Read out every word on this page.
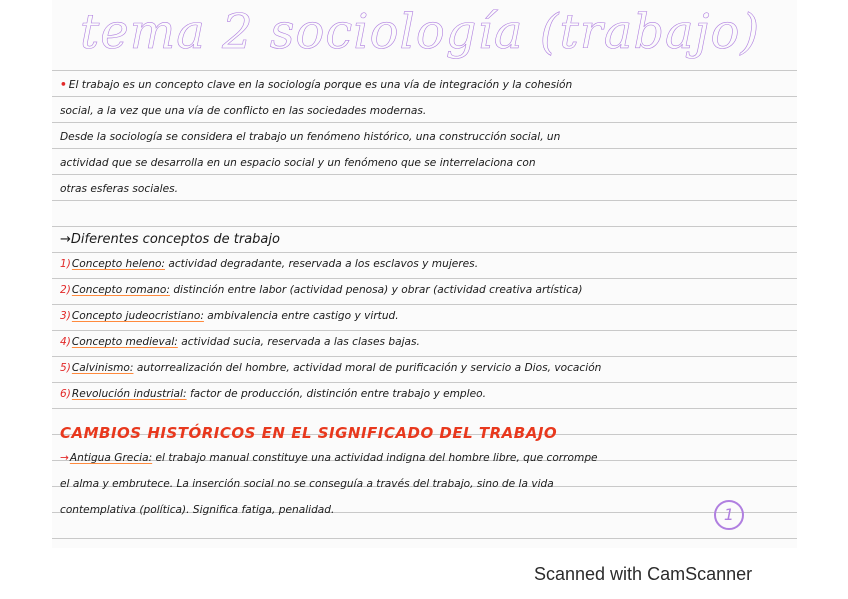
tema 2 sociología (trabajo)
• El trabajo es un concepto clave en la sociología porque es una vía de integración y la cohesión
social, a la vez que una vía de conflicto en las sociedades modernas.
Desde la sociología se considera el trabajo un fenómeno histórico, una construcción social, un
actividad que se desarrolla en un espacio social y un fenómeno que se interrelaciona con
otras esferas sociales.
→Diferentes conceptos de trabajo
1)Concepto heleno: actividad degradante, reservada a los esclavos y mujeres.
2)Concepto romano: distinción entre labor (actividad penosa) y obrar (actividad creativa artística)
3)Concepto judeocristiano: ambivalencia entre castigo y virtud.
4)Concepto medieval: actividad sucia, reservada a las clases bajas.
5)Calvinismo: autorrealización del hombre, actividad moral de purificación y servicio a Dios, vocación
6)Revolución industrial: factor de producción, distinción entre trabajo y empleo.
CAMBIOS HISTÓRICOS EN EL SIGNIFICADO DEL TRABAJO
→Antigua Grecia: el trabajo manual constituye una actividad indigna del hombre libre, que corrompe
el alma y embrutece. La inserción social no se conseguía a través del trabajo, sino de la vida
contemplativa (política). Significa fatiga, penalidad.	1
Scanned with CamScanner
